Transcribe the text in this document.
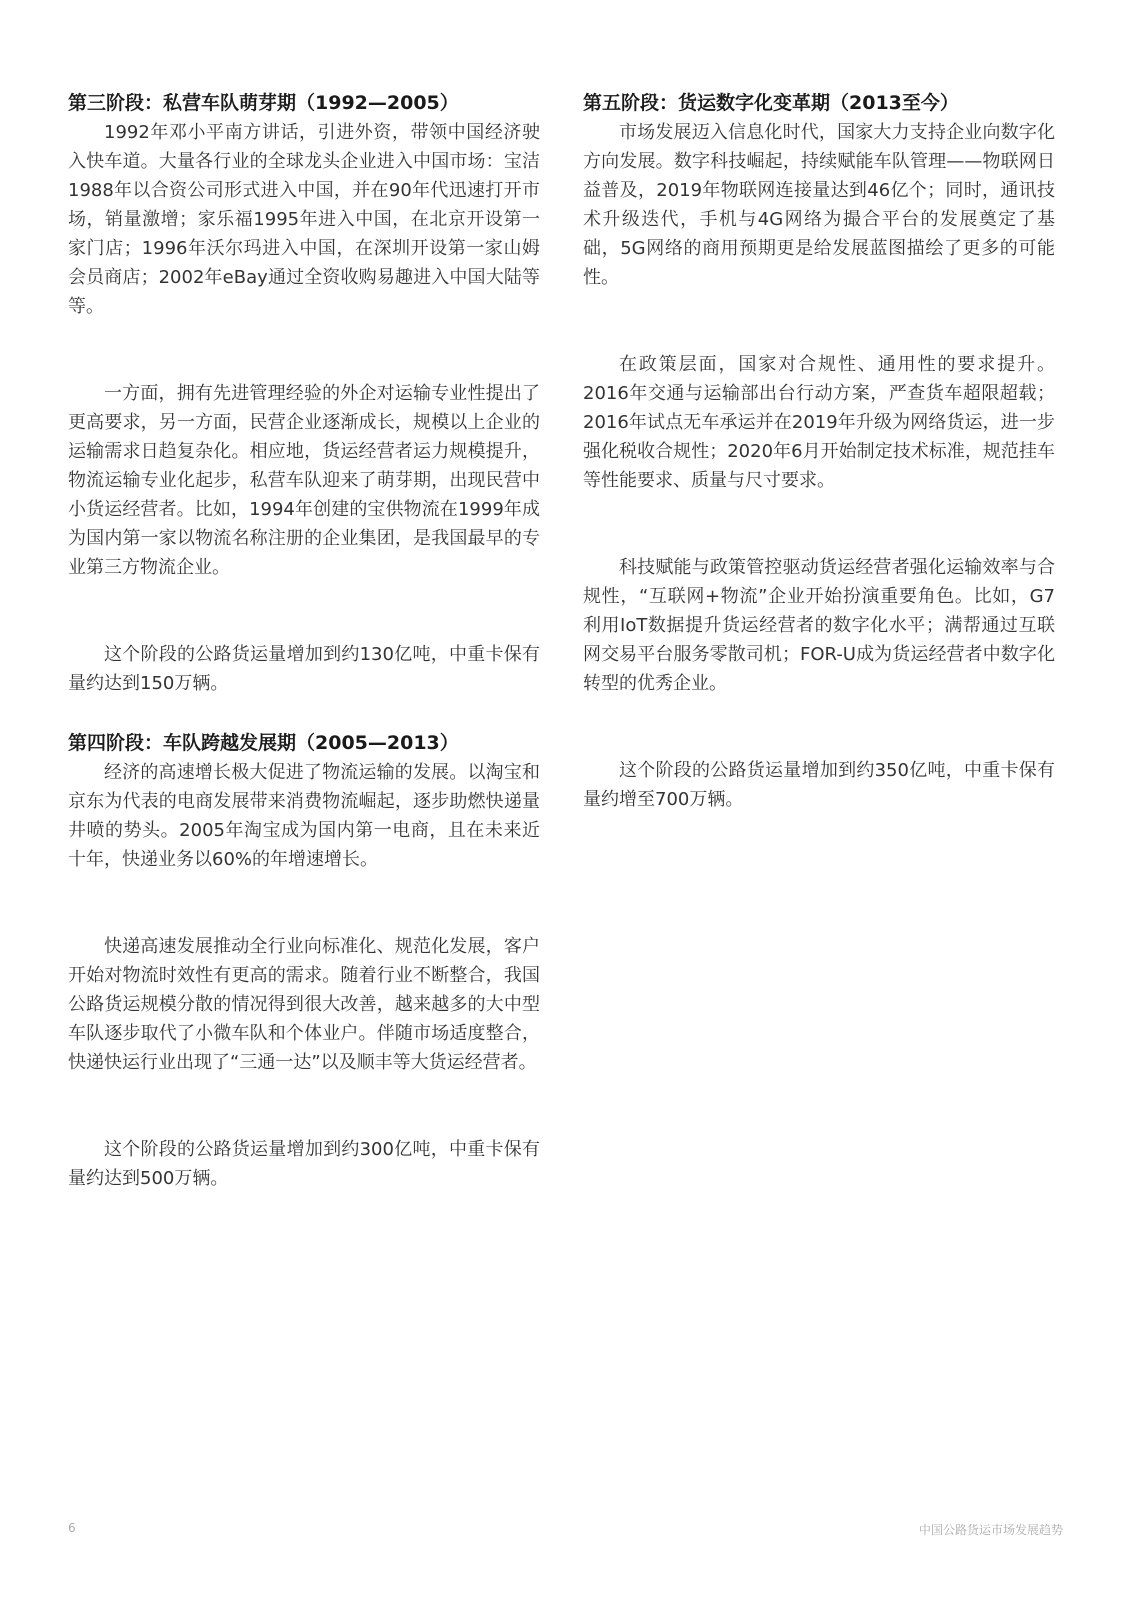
第三阶段：私营车队萌芽期（1992—2005）

1992年邓小平南方讲话，引进外资，带领中国经济驶入快车道。大量各行业的全球龙头企业进入中国市场：宝洁1988年以合资公司形式进入中国，并在90年代迅速打开市场，销量激增；家乐福1995年进入中国，在北京开设第一家门店；1996年沃尔玛进入中国，在深圳开设第一家山姆会员商店；2002年eBay通过全资收购易趣进入中国大陆等等。

一方面，拥有先进管理经验的外企对运输专业性提出了更高要求，另一方面，民营企业逐渐成长，规模以上企业的运输需求日趋复杂化。相应地，货运经营者运力规模提升，物流运输专业化起步，私营车队迎来了萌芽期，出现民营中小货运经营者。比如，1994年创建的宝供物流在1999年成为国内第一家以物流名称注册的企业集团，是我国最早的专业第三方物流企业。

这个阶段的公路货运量增加到约130亿吨，中重卡保有量约达到150万辆。

第四阶段：车队跨越发展期（2005—2013）

经济的高速增长极大促进了物流运输的发展。以淘宝和京东为代表的电商发展带来消费物流崛起，逐步助燃快递量井喷的势头。2005年淘宝成为国内第一电商，且在未来近十年，快递业务以60%的年增速增长。

快递高速发展推动全行业向标准化、规范化发展，客户开始对物流时效性有更高的需求。随着行业不断整合，我国公路货运规模分散的情况得到很大改善，越来越多的大中型车队逐步取代了小微车队和个体业户。伴随市场适度整合，快递快运行业出现了“三通一达”以及顺丰等大货运经营者。

这个阶段的公路货运量增加到约300亿吨，中重卡保有量约达到500万辆。

第五阶段：货运数字化变革期（2013至今）

市场发展迈入信息化时代，国家大力支持企业向数字化方向发展。数字科技崛起，持续赋能车队管理——物联网日益普及，2019年物联网连接量达到46亿个；同时，通讯技术升级迭代，手机与4G网络为撮合平台的发展奠定了基础，5G网络的商用预期更是给发展蓝图描绘了更多的可能性。

在政策层面，国家对合规性、通用性的要求提升。2016年交通与运输部出台行动方案，严查货车超限超载；2016年试点无车承运并在2019年升级为网络货运，进一步强化税收合规性；2020年6月开始制定技术标准，规范挂车等性能要求、质量与尺寸要求。

科技赋能与政策管控驱动货运经营者强化运输效率与合规性，“互联网+物流”企业开始扮演重要角色。比如，G7利用IoT数据提升货运经营者的数字化水平；满帮通过互联网交易平台服务零散司机；FOR-U成为货运经营者中数字化转型的优秀企业。

这个阶段的公路货运量增加到约350亿吨，中重卡保有量约增至700万辆。

6	中国公路货运市场发展趋势
